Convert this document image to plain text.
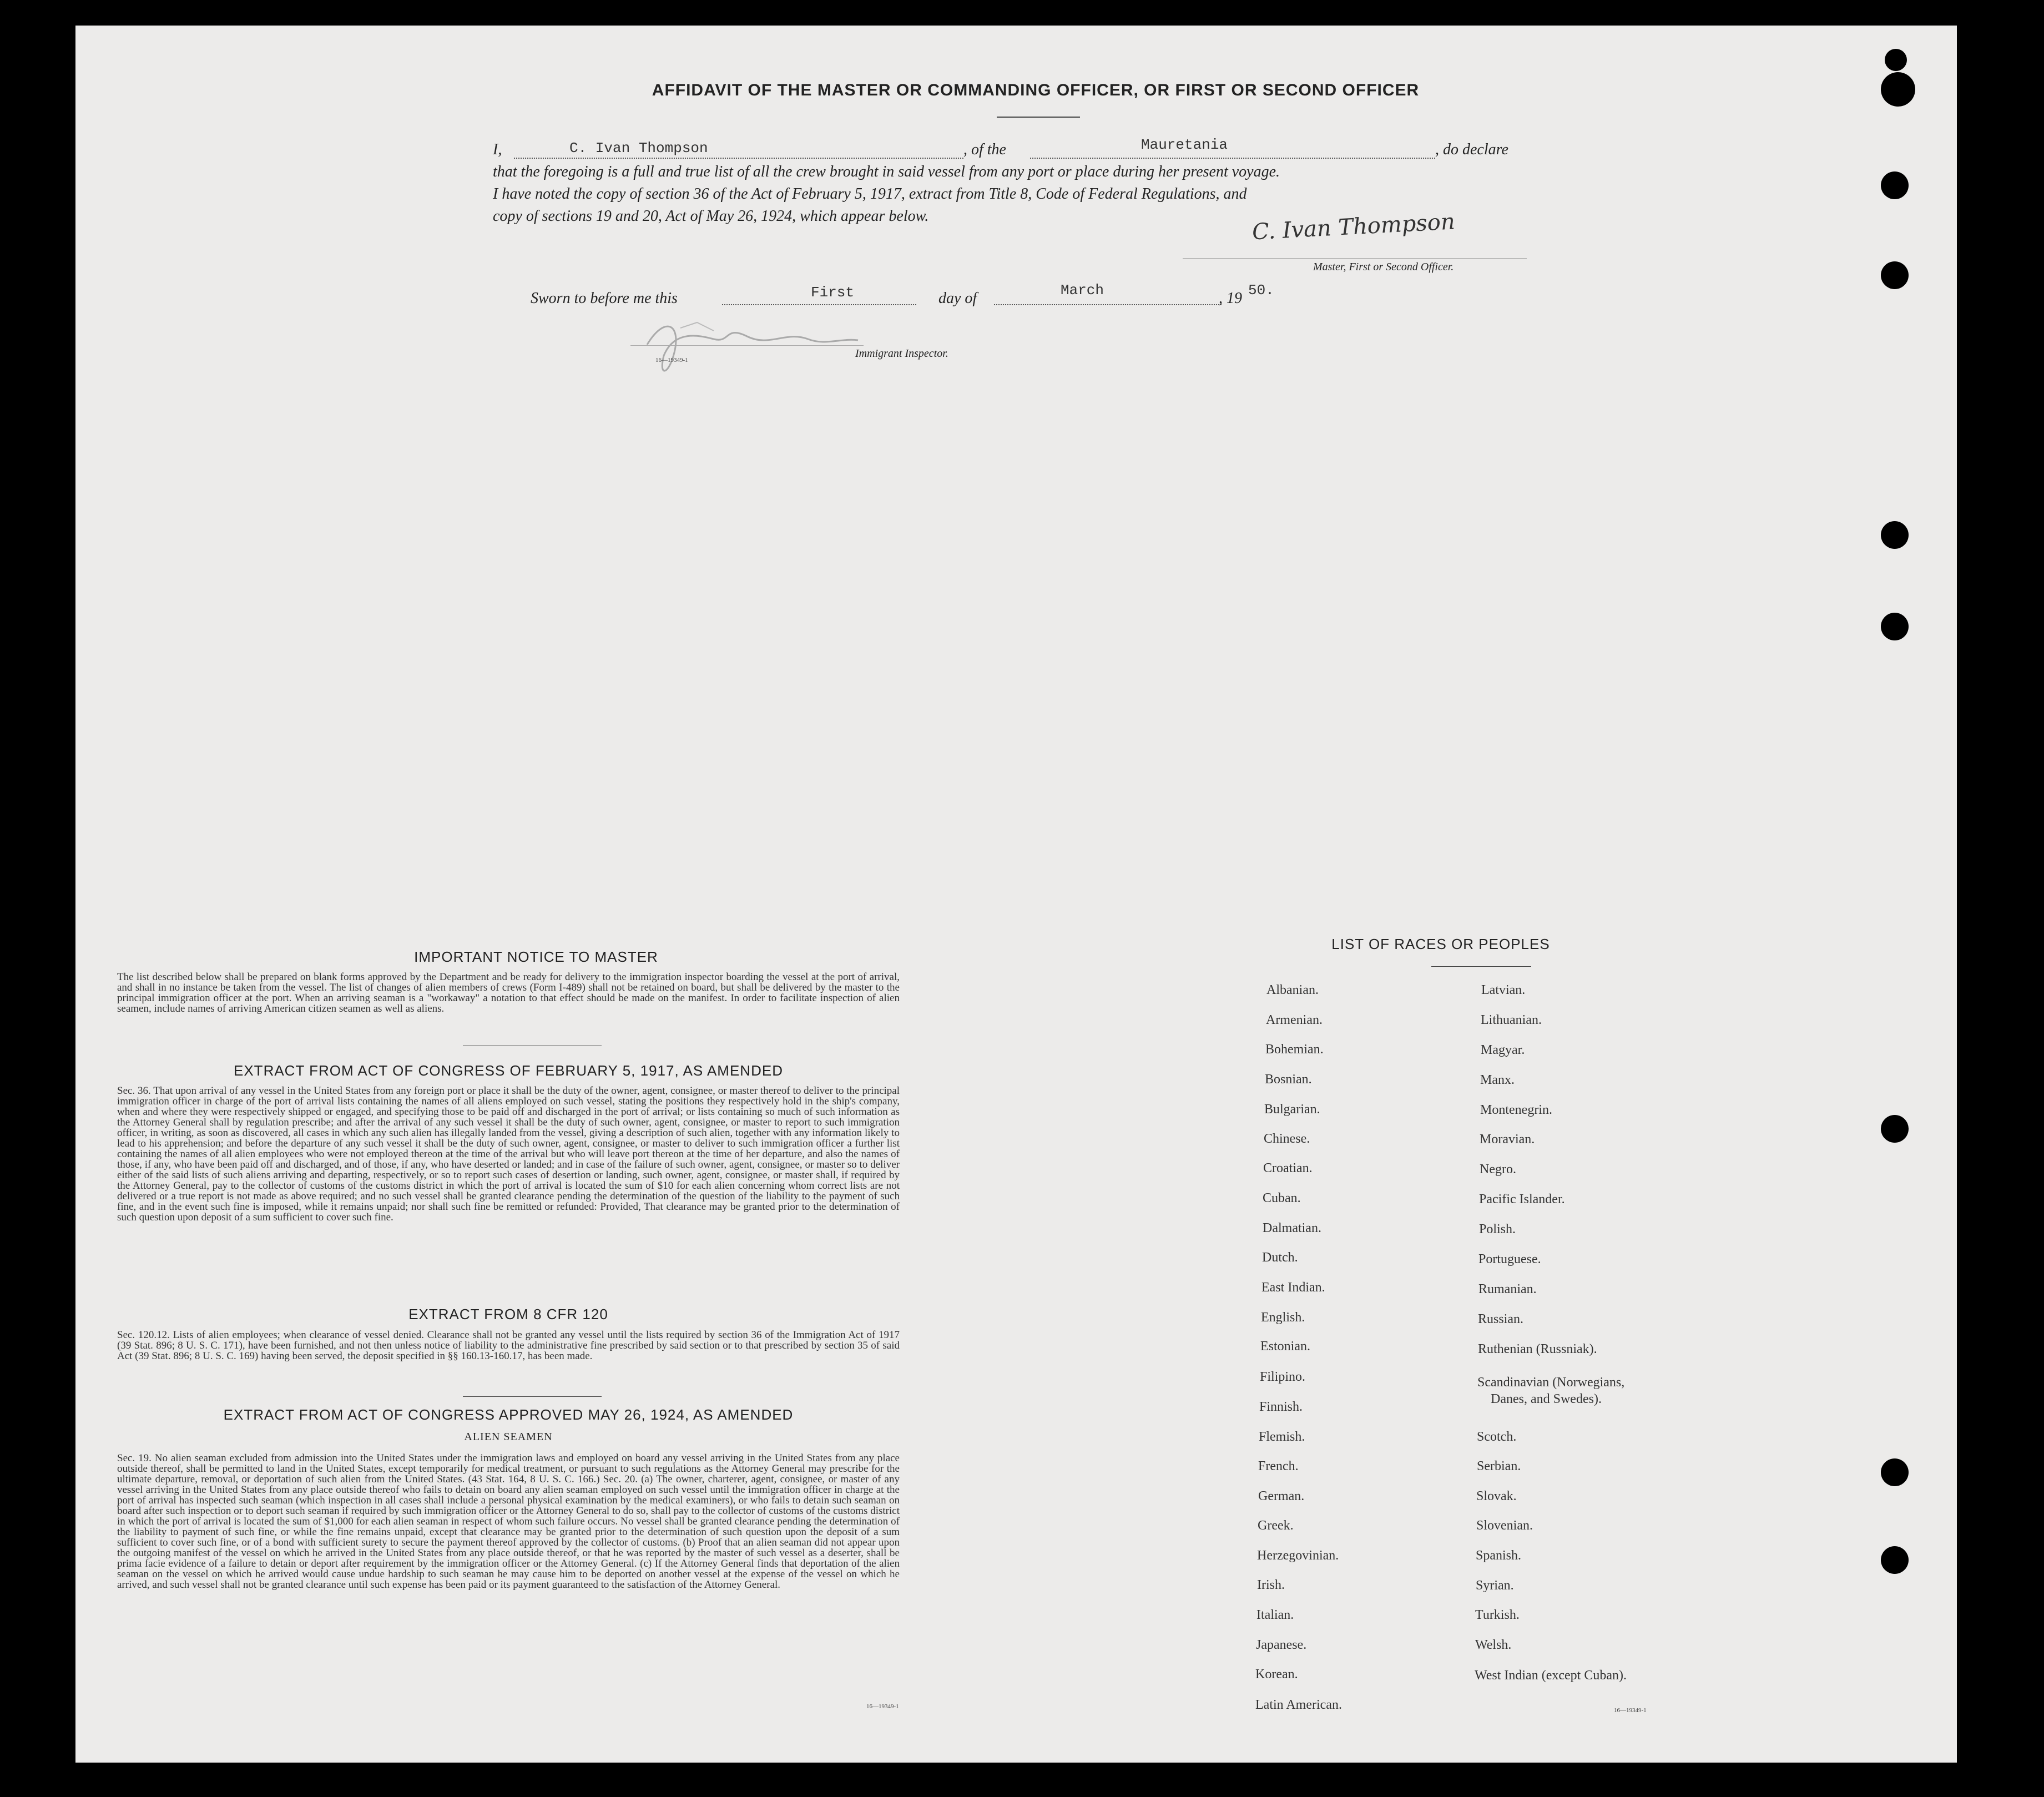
AFFIDAVIT OF THE MASTER OR COMMANDING OFFICER, OR FIRST OR SECOND OFFICER
I,	C. Ivan Thompson	, of the	Mauretania	, do declare
that the foregoing is a full and true list of all the crew brought in said vessel from any port or place during her present voyage.
I have noted the copy of section 36 of the Act of February 5, 1917, extract from Title 8, Code of Federal Regulations, and
copy of sections 19 and 20, Act of May 26, 1924, which appear below.	C. Ivan Thompson
Master, First or Second Officer.
Sworn to before me this	First	day of	March	, 19 50.
16—19349-1
Immigrant Inspector.
IMPORTANT NOTICE TO MASTER
The list described below shall be prepared on blank forms approved by the Department and be ready for delivery to the immigration inspector boarding the vessel at the port of arrival, and shall in no instance be taken from the vessel. The list of changes of alien members of crews (Form I-489) shall not be retained on board, but shall be delivered by the master to the principal immigration officer at the port. When an arriving seaman is a "workaway" a notation to that effect should be made on the manifest. In order to facilitate inspection of alien seamen, include names of arriving American citizen seamen as well as aliens.
EXTRACT FROM ACT OF CONGRESS OF FEBRUARY 5, 1917, AS AMENDED
Sec. 36. That upon arrival of any vessel in the United States from any foreign port or place it shall be the duty of the owner, agent, consignee, or master thereof to deliver to the principal immigration officer in charge of the port of arrival lists containing the names of all aliens employed on such vessel, stating the positions they respectively hold in the ship's company, when and where they were respectively shipped or engaged, and specifying those to be paid off and discharged in the port of arrival; or lists containing so much of such information as the Attorney General shall by regulation prescribe; and after the arrival of any such vessel it shall be the duty of such owner, agent, consignee, or master to report to such immigration officer, in writing, as soon as discovered, all cases in which any such alien has illegally landed from the vessel, giving a description of such alien, together with any information likely to lead to his apprehension; and before the departure of any such vessel it shall be the duty of such owner, agent, consignee, or master to deliver to such immigration officer a further list containing the names of all alien employees who were not employed thereon at the time of the arrival but who will leave port thereon at the time of her departure, and also the names of those, if any, who have been paid off and discharged, and of those, if any, who have deserted or landed; and in case of the failure of such owner, agent, consignee, or master so to deliver either of the said lists of such aliens arriving and departing, respectively, or so to report such cases of desertion or landing, such owner, agent, consignee, or master shall, if required by the Attorney General, pay to the collector of customs of the customs district in which the port of arrival is located the sum of $10 for each alien concerning whom correct lists are not delivered or a true report is not made as above required; and no such vessel shall be granted clearance pending the determination of the question of the liability to the payment of such fine, and in the event such fine is imposed, while it remains unpaid; nor shall such fine be remitted or refunded: Provided, That clearance may be granted prior to the determination of such question upon deposit of a sum sufficient to cover such fine.
EXTRACT FROM 8 CFR 120
Sec. 120.12. Lists of alien employees; when clearance of vessel denied. Clearance shall not be granted any vessel until the lists required by section 36 of the Immigration Act of 1917 (39 Stat. 896; 8 U. S. C. 171), have been furnished, and not then unless notice of liability to the administrative fine prescribed by said section or to that prescribed by section 35 of said Act (39 Stat. 896; 8 U. S. C. 169) having been served, the deposit specified in §§ 160.13-160.17, has been made.
EXTRACT FROM ACT OF CONGRESS APPROVED MAY 26, 1924, AS AMENDED
ALIEN SEAMEN
Sec. 19. No alien seaman excluded from admission into the United States under the immigration laws and employed on board any vessel arriving in the United States from any place outside thereof, shall be permitted to land in the United States, except temporarily for medical treatment, or pursuant to such regulations as the Attorney General may prescribe for the ultimate departure, removal, or deportation of such alien from the United States. (43 Stat. 164, 8 U. S. C. 166.) Sec. 20. (a) The owner, charterer, agent, consignee, or master of any vessel arriving in the United States from any place outside thereof who fails to detain on board any alien seaman employed on such vessel until the immigration officer in charge at the port of arrival has inspected such seaman (which inspection in all cases shall include a personal physical examination by the medical examiners), or who fails to detain such seaman on board after such inspection or to deport such seaman if required by such immigration officer or the Attorney General to do so, shall pay to the collector of customs of the customs district in which the port of arrival is located the sum of $1,000 for each alien seaman in respect of whom such failure occurs. No vessel shall be granted clearance pending the determination of the liability to payment of such fine, or while the fine remains unpaid, except that clearance may be granted prior to the determination of such question upon the deposit of a sum sufficient to cover such fine, or of a bond with sufficient surety to secure the payment thereof approved by the collector of customs. (b) Proof that an alien seaman did not appear upon the outgoing manifest of the vessel on which he arrived in the United States from any place outside thereof, or that he was reported by the master of such vessel as a deserter, shall be prima facie evidence of a failure to detain or deport after requirement by the immigration officer or the Attorney General. (c) If the Attorney General finds that deportation of the alien seaman on the vessel on which he arrived would cause undue hardship to such seaman he may cause him to be deported on another vessel at the expense of the vessel on which he arrived, and such vessel shall not be granted clearance until such expense has been paid or its payment guaranteed to the satisfaction of the Attorney General.
16—19349-1
LIST OF RACES OR PEOPLES
Albanian.
Armenian.
Bohemian.
Bosnian.
Bulgarian.
Chinese.
Croatian.
Cuban.
Dalmatian.
Dutch.
East Indian.
English.
Estonian.
Filipino.
Finnish.
Flemish.
French.
German.
Greek.
Herzegovinian.
Irish.
Italian.
Japanese.
Korean.
Latin American.
Latvian.
Lithuanian.
Magyar.
Manx.
Montenegrin.
Moravian.
Negro.
Pacific Islander.
Polish.
Portuguese.
Rumanian.
Russian.
Ruthenian (Russniak).
Scandinavian (Norwegians,
Danes, and Swedes).
Scotch.
Serbian.
Slovak.
Slovenian.
Spanish.
Syrian.
Turkish.
Welsh.
West Indian (except Cuban).
16—19349-1
